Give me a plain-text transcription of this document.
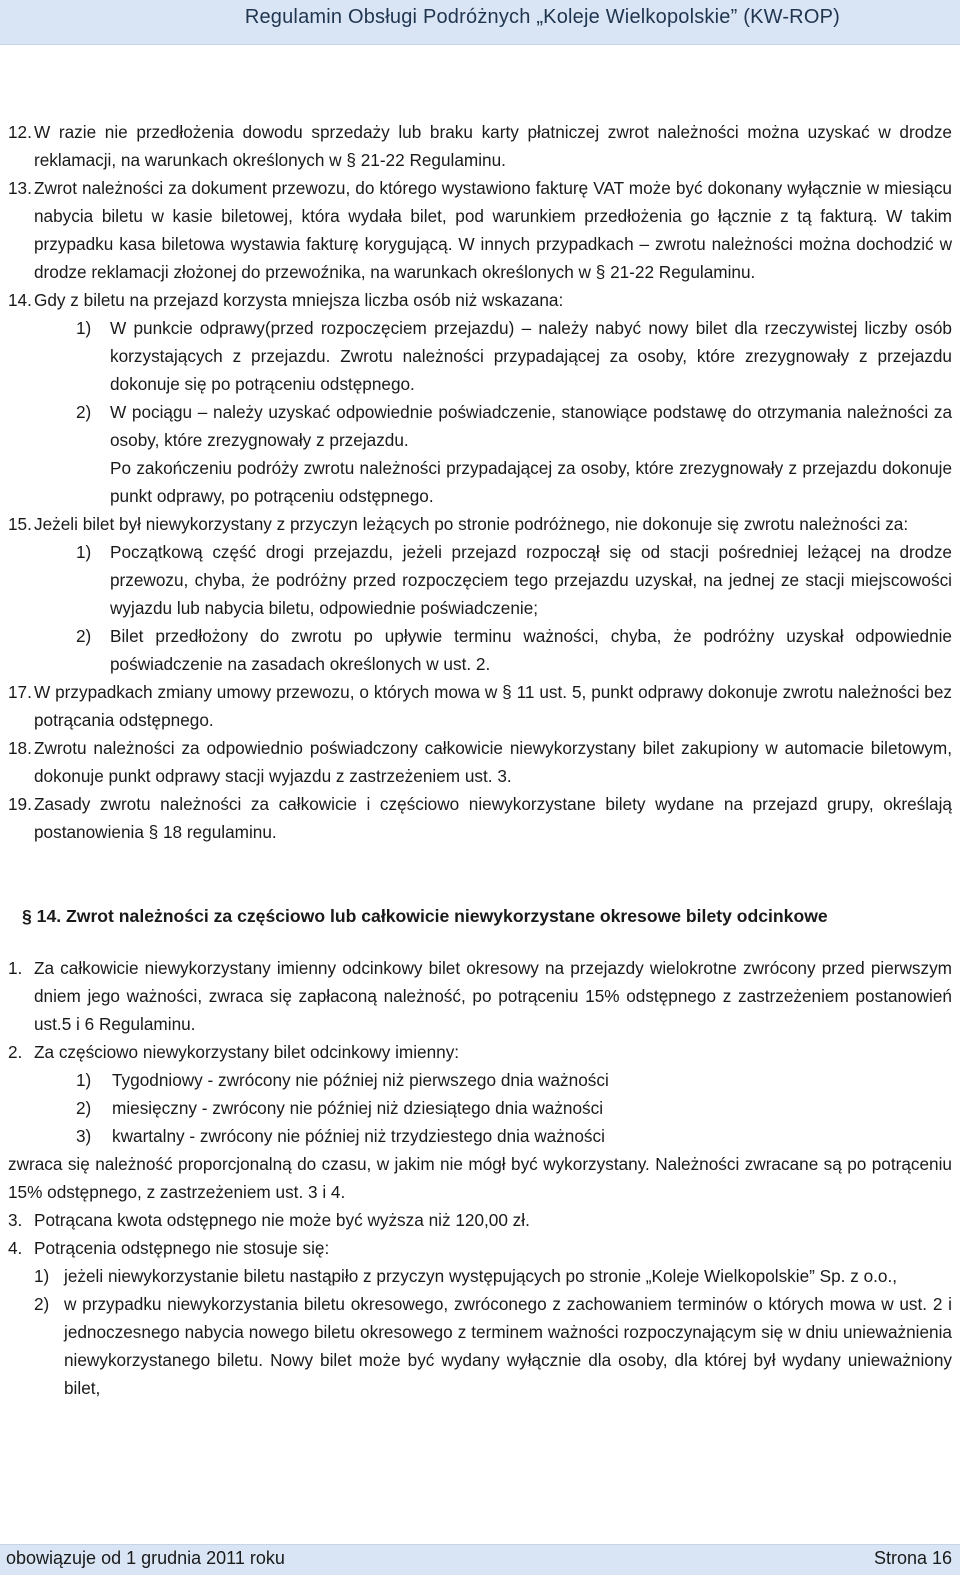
Regulamin Obsługi Podróżnych „Koleje Wielkopolskie” (KW-ROP)
12. W razie nie przedłożenia dowodu sprzedaży lub braku karty płatniczej zwrot należności można uzyskać w drodze reklamacji, na warunkach określonych w § 21-22 Regulaminu.
13. Zwrot należności za dokument przewozu, do którego wystawiono fakturę VAT może być dokonany wyłącznie w miesiącu nabycia biletu w kasie biletowej, która wydała bilet, pod warunkiem przedłożenia go łącznie z tą fakturą. W takim przypadku kasa biletowa wystawia fakturę korygującą. W innych przypadkach – zwrotu należności można dochodzić w drodze reklamacji złożonej do przewoźnika, na warunkach określonych w § 21-22 Regulaminu.
14. Gdy z biletu na przejazd korzysta mniejsza liczba osób niż wskazana:
1) W punkcie odprawy(przed rozpoczęciem przejazdu) – należy nabyć nowy bilet dla rzeczywistej liczby osób korzystających z przejazdu. Zwrotu należności przypadającej za osoby, które zrezygnowały z przejazdu dokonuje się po potrąceniu odstępnego.
2) W pociągu – należy uzyskać odpowiednie poświadczenie, stanowiące podstawę do otrzymania należności za osoby, które zrezygnowały z przejazdu.
Po zakończeniu podróży zwrotu należności przypadającej za osoby, które zrezygnowały z przejazdu dokonuje punkt odprawy, po potrąceniu odstępnego.
15. Jeżeli bilet był niewykorzystany z przyczyn leżących po stronie podróżnego, nie dokonuje się zwrotu należności za:
1) Początkową część drogi przejazdu, jeżeli przejazd rozpoczął się od stacji pośredniej leżącej na drodze przewozu, chyba, że podróżny przed rozpoczęciem tego przejazdu uzyskał, na jednej ze stacji miejscowości wyjazdu lub nabycia biletu, odpowiednie poświadczenie;
2) Bilet przedłożony do zwrotu po upływie terminu ważności, chyba, że podróżny uzyskał odpowiednie poświadczenie na zasadach określonych w ust. 2.
17. W przypadkach zmiany umowy przewozu, o których mowa w § 11 ust. 5, punkt odprawy dokonuje zwrotu należności bez potrącania odstępnego.
18. Zwrotu należności za odpowiednio poświadczony całkowicie niewykorzystany bilet zakupiony w automacie biletowym, dokonuje punkt odprawy stacji wyjazdu z zastrzeżeniem ust. 3.
19. Zasady zwrotu należności za całkowicie i częściowo niewykorzystane bilety wydane na przejazd grupy, określają postanowienia § 18 regulaminu.
§ 14. Zwrot należności za częściowo lub całkowicie niewykorzystane okresowe bilety odcinkowe
1. Za całkowicie niewykorzystany imienny odcinkowy bilet okresowy na przejazdy wielokrotne zwrócony przed pierwszym dniem jego ważności, zwraca się zapłaconą należność, po potrąceniu 15% odstępnego z zastrzeżeniem postanowień ust.5 i 6 Regulaminu.
2. Za częściowo niewykorzystany bilet odcinkowy imienny:
1) Tygodniowy - zwrócony nie później niż pierwszego dnia ważności
2) miesięczny - zwrócony nie później niż dziesiątego dnia ważności
3) kwartalny - zwrócony nie później niż trzydziestego dnia ważności
zwraca się należność proporcjonalną do czasu, w jakim nie mógł być wykorzystany. Należności zwracane są po potrąceniu 15% odstępnego, z zastrzeżeniem ust. 3 i 4.
3. Potrącana kwota odstępnego nie może być wyższa niż 120,00 zł.
4. Potrącenia odstępnego nie stosuje się:
1) jeżeli niewykorzystanie biletu nastąpiło z przyczyn występujących po stronie „Koleje Wielkopolskie” Sp. z o.o.,
2) w przypadku niewykorzystania biletu okresowego, zwróconego z zachowaniem terminów o których mowa w ust. 2 i jednoczesnego nabycia nowego biletu okresowego z terminem ważności rozpoczynającym się w dniu unieważnienia niewykorzystanego biletu. Nowy bilet może być wydany wyłącznie dla osoby, dla której był wydany unieważniony bilet,
obowiązuje od 1 grudnia 2011 roku	Strona 16
